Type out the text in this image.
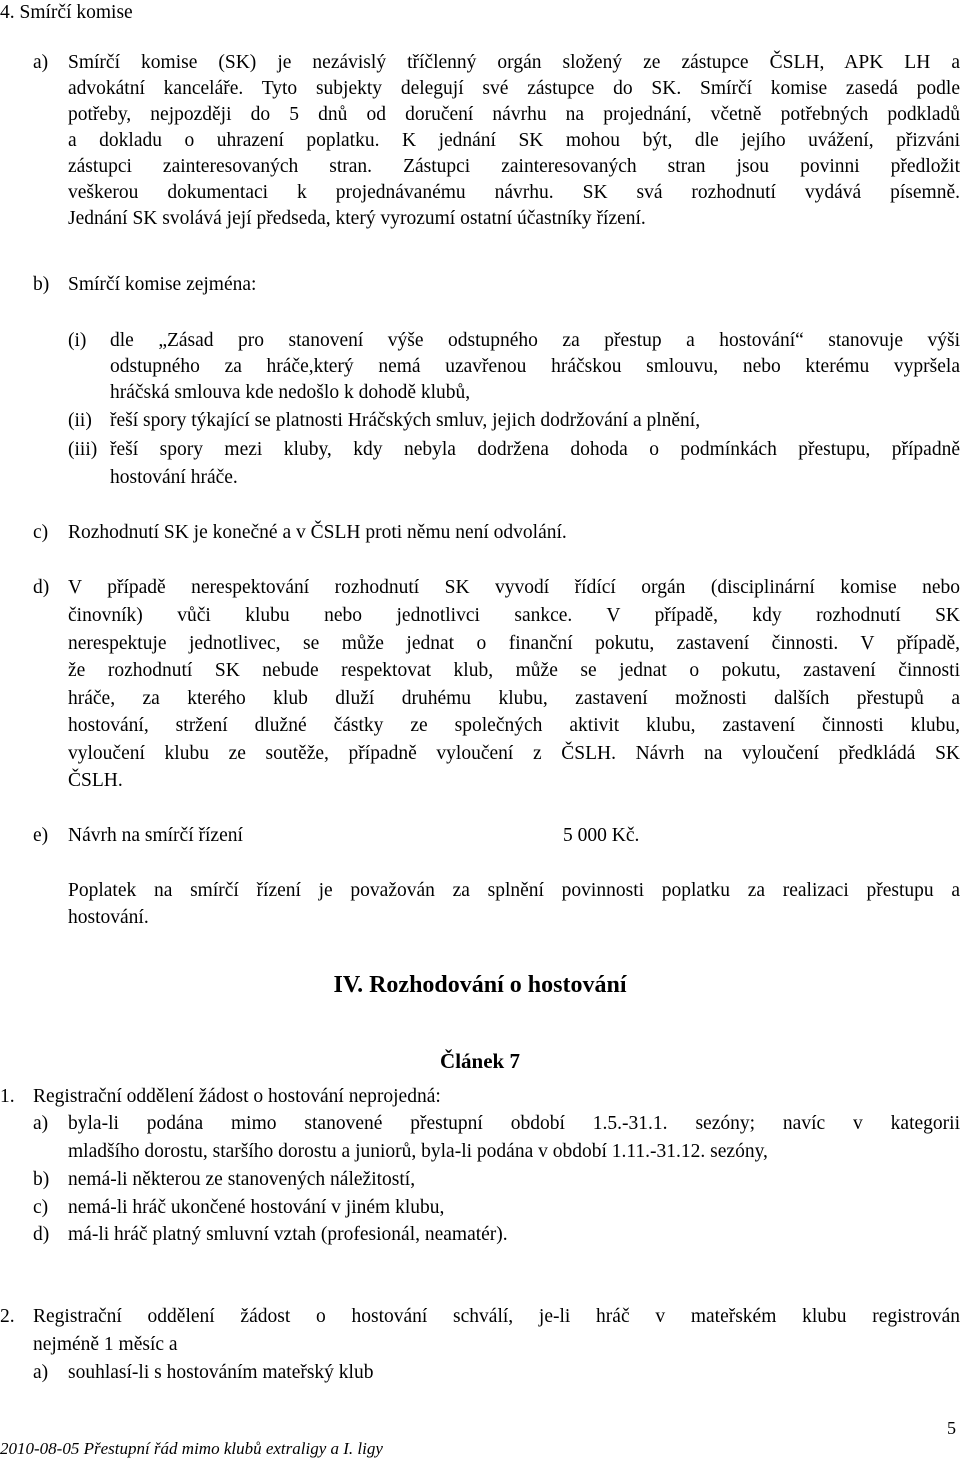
4. Smírčí komise
a) Smírčí komise (SK) je nezávislý tříčlenný orgán složený ze zástupce ČSLH, APK LH a
advokátní kanceláře. Tyto subjekty delegují své zástupce do SK. Smírčí komise zasedá podle
potřeby, nejpozději do 5 dnů od doručení návrhu na projednání, včetně potřebných podkladů
a dokladu o uhrazení poplatku. K jednání SK mohou být, dle jejího uvážení, přizváni
zástupci zainteresovaných stran. Zástupci zainteresovaných stran jsou povinni předložit
veškerou dokumentaci k projednávanému návrhu. SK svá rozhodnutí vydává písemně.
Jednání SK svolává její předseda, který vyrozumí ostatní účastníky řízení.
b) Smírčí komise zejména:
(i) dle „Zásad pro stanovení výše odstupného za přestup a hostování“ stanovuje výši
odstupného za hráče,který nemá uzavřenou hráčskou smlouvu, nebo kterému vypršela
hráčská smlouva kde nedošlo k dohodě klubů,
(ii) řeší spory týkající se platnosti Hráčských smluv, jejich dodržování a plnění,
(iii) řeší spory mezi kluby, kdy nebyla dodržena dohoda o podmínkách přestupu, případně
hostování hráče.
c) Rozhodnutí SK je konečné a v ČSLH proti němu není odvolání.
d) V případě nerespektování rozhodnutí SK vyvodí řídící orgán (disciplinární komise nebo
činovník) vůči klubu nebo jednotlivci sankce. V případě, kdy rozhodnutí SK
nerespektuje jednotlivec, se může jednat o finanční pokutu, zastavení činnosti. V případě,
že rozhodnutí SK nebude respektovat klub, může se jednat o pokutu, zastavení činnosti
hráče, za kterého klub dluží druhému klubu, zastavení možnosti dalších přestupů a
hostování, stržení dlužné částky ze společných aktivit klubu, zastavení činnosti klubu,
vyloučení klubu ze soutěže, případně vyloučení z ČSLH. Návrh na vyloučení předkládá SK
ČSLH.
e) Návrh na smírčí řízení	5 000 Kč.
Poplatek na smírčí řízení je považován za splnění povinnosti poplatku za realizaci přestupu a
hostování.
IV. Rozhodování o hostování
Článek 7
1. Registrační oddělení žádost o hostování neprojedná:
a) byla-li podána mimo stanovené přestupní období 1.5.-31.1. sezóny; navíc v kategorii
mladšího dorostu, staršího dorostu a juniorů, byla-li podána v období 1.11.-31.12. sezóny,
b) nemá-li některou ze stanovených náležitostí,
c) nemá-li hráč ukončené hostování v jiném klubu,
d) má-li hráč platný smluvní vztah (profesionál, neamatér).
2. Registrační oddělení žádost o hostování schválí, je-li hráč v mateřském klubu registrován
nejméně 1 měsíc a
a) souhlasí-li s hostováním mateřský klub
5
2010-08-05 Přestupní řád mimo klubů extraligy a I. ligy
